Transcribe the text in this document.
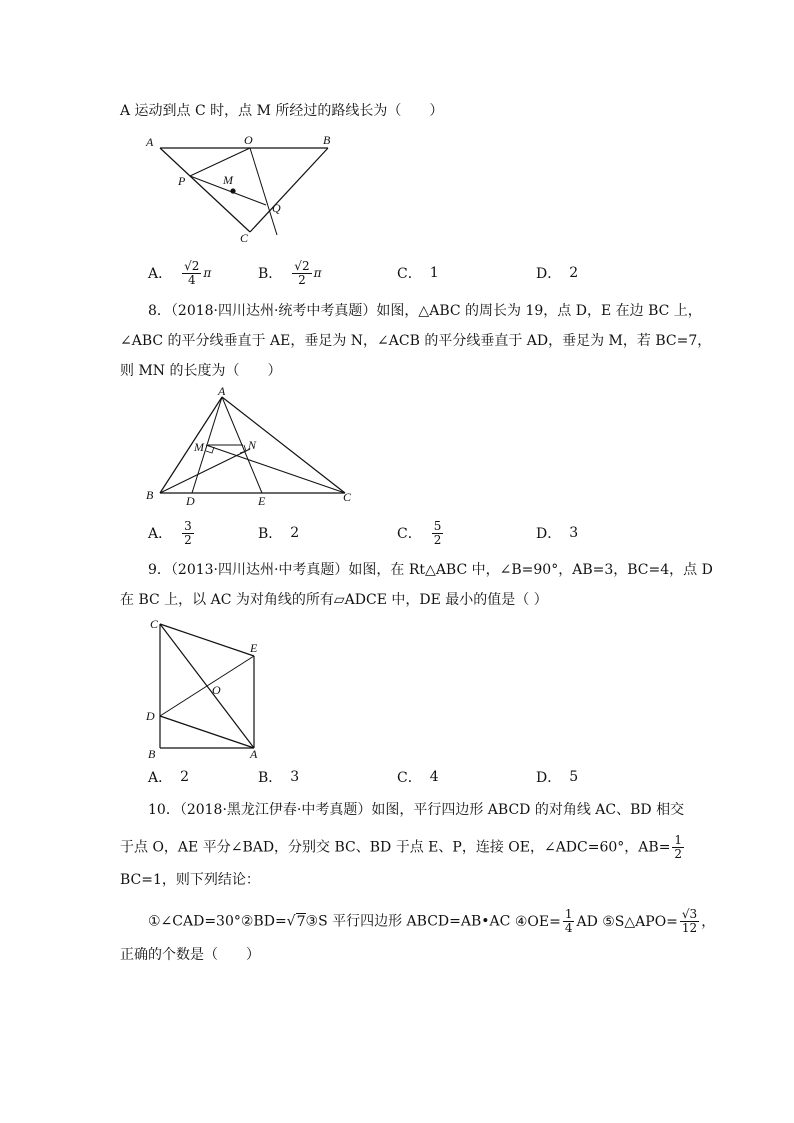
A 运动到点 C 时，点 M 所经过的路线长为（　　）
A	O	B
P	M
Q
C
A． $\frac{√2}{4}$ π	B． $\frac{√2}{2}$ π	C． 1	D． 2
8．（2018·四川达州·统考中考真题）如图，△ABC 的周长为 19，点 D，E 在边 BC 上，
∠ABC 的平分线垂直于 AE，垂足为 N，∠ACB 的平分线垂直于 AD，垂足为 M，若 BC=7，
则 MN 的长度为（　　）
A
M	N
B	D	E	C
A． $\frac{3}{2}$	B． 2	C． $\frac{5}{2}$	D． 3
9．（2013·四川达州·中考真题）如图，在 Rt△ABC 中，∠B=90°，AB=3，BC=4，点 D
在 BC 上，以 AC 为对角线的所有▱ADCE 中，DE 最小的值是（ ）
C
E
O
D
B	A
A． 2	B． 3	C． 4	D． 5
10．（2018·黑龙江伊春·中考真题）如图，平行四边形 ABCD 的对角线 AC、BD 相交
于点 O，AE 平分∠BAD，分别交 BC、BD 于点 E、P，连接 OE，∠ADC=60°，$AB= \frac{1}{2}$
BC=1，则下列结论：
①∠CAD=30°②BD=√7③S 平行四边形 ABCD=AB•AC ④OE= $\frac{1}{4}$ AD ⑤S△APO= $\frac{√3}{12}$ ，
正确的个数是（　　）
